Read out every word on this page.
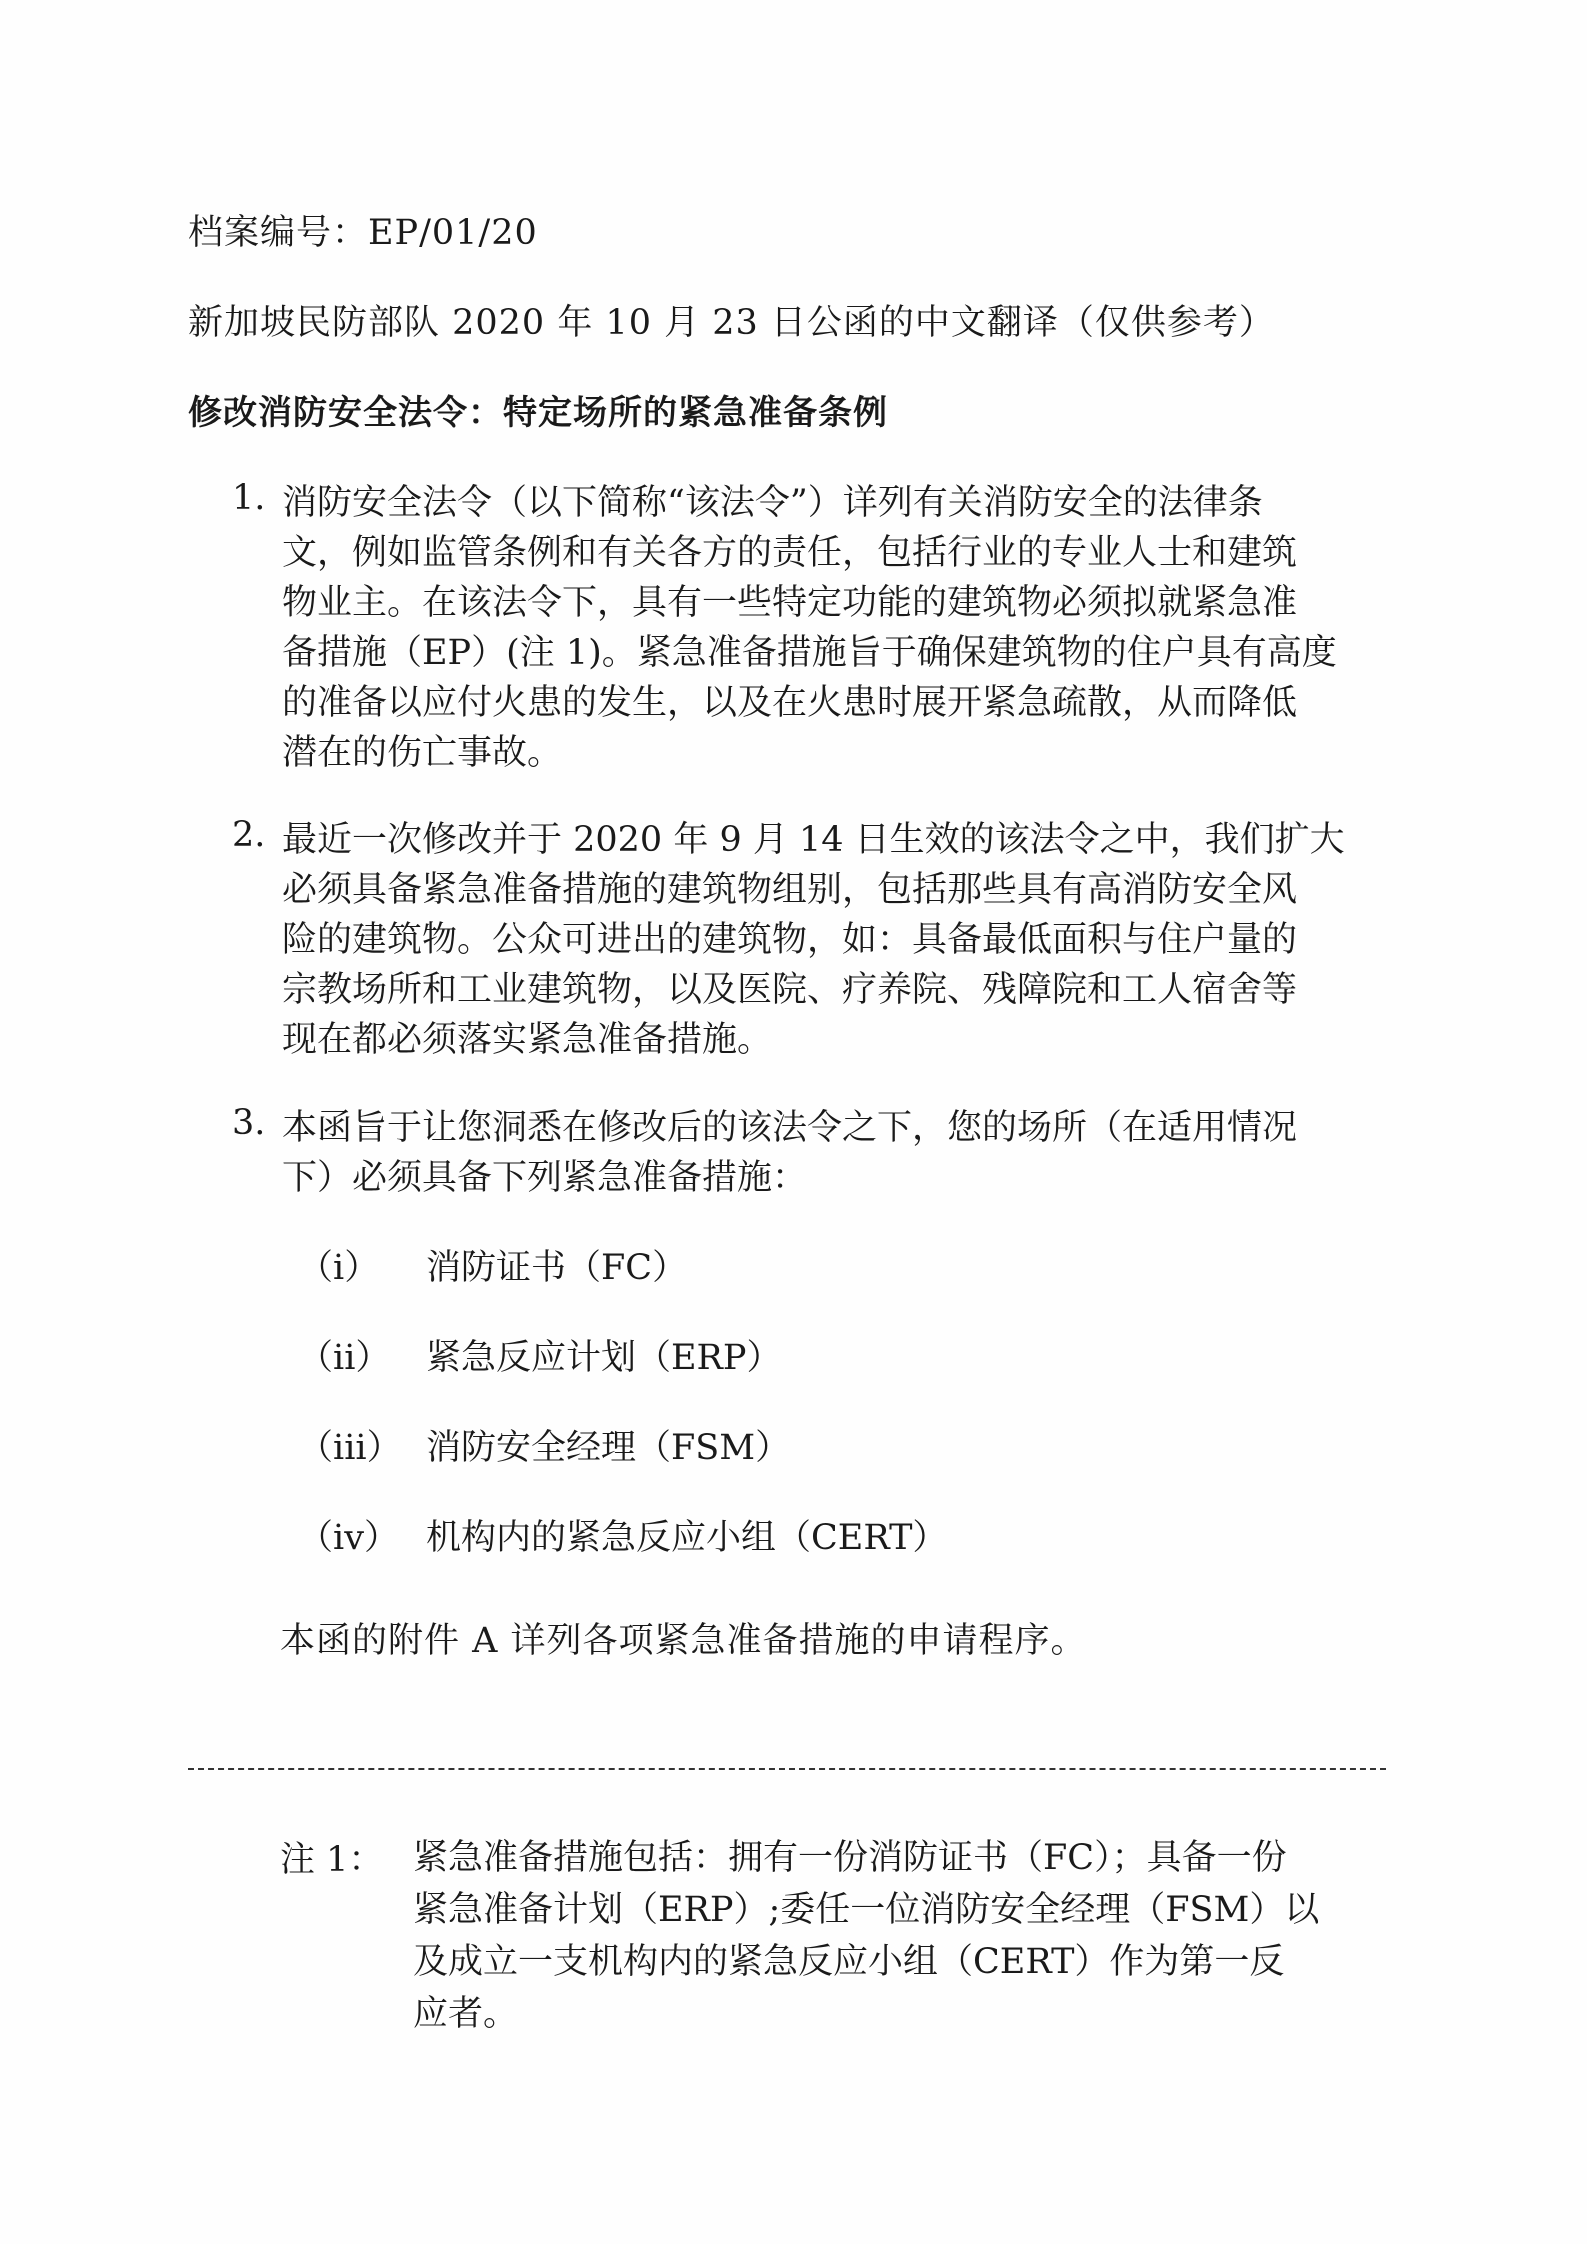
档案编号：EP/01/20
新加坡民防部队 2020 年 10 月 23 日公函的中文翻译（仅供参考）
修改消防安全法令：特定场所的紧急准备条例
1. 消防安全法令（以下简称“该法令”）详列有关消防安全的法律条
文，例如监管条例和有关各方的责任，包括行业的专业人士和建筑
物业主。在该法令下，具有一些特定功能的建筑物必须拟就紧急准
备措施（EP）(注 1)。紧急准备措施旨于确保建筑物的住户具有高度
的准备以应付火患的发生，以及在火患时展开紧急疏散，从而降低
潜在的伤亡事故。
2. 最近一次修改并于 2020 年 9 月 14 日生效的该法令之中，我们扩大
必须具备紧急准备措施的建筑物组别，包括那些具有高消防安全风
险的建筑物。公众可进出的建筑物，如：具备最低面积与住户量的
宗教场所和工业建筑物，以及医院、疗养院、残障院和工人宿舍等
现在都必须落实紧急准备措施。
3. 本函旨于让您洞悉在修改后的该法令之下，您的场所（在适用情况
下）必须具备下列紧急准备措施：
（i） 消防证书（FC）
（ii） 紧急反应计划（ERP）
（iii） 消防安全经理（FSM）
（iv） 机构内的紧急反应小组（CERT）
本函的附件 A 详列各项紧急准备措施的申请程序。
注 1： 紧急准备措施包括：拥有一份消防证书（FC）；具备一份
紧急准备计划（ERP）;委任一位消防安全经理（FSM）以
及成立一支机构内的紧急反应小组（CERT）作为第一反
应者。
